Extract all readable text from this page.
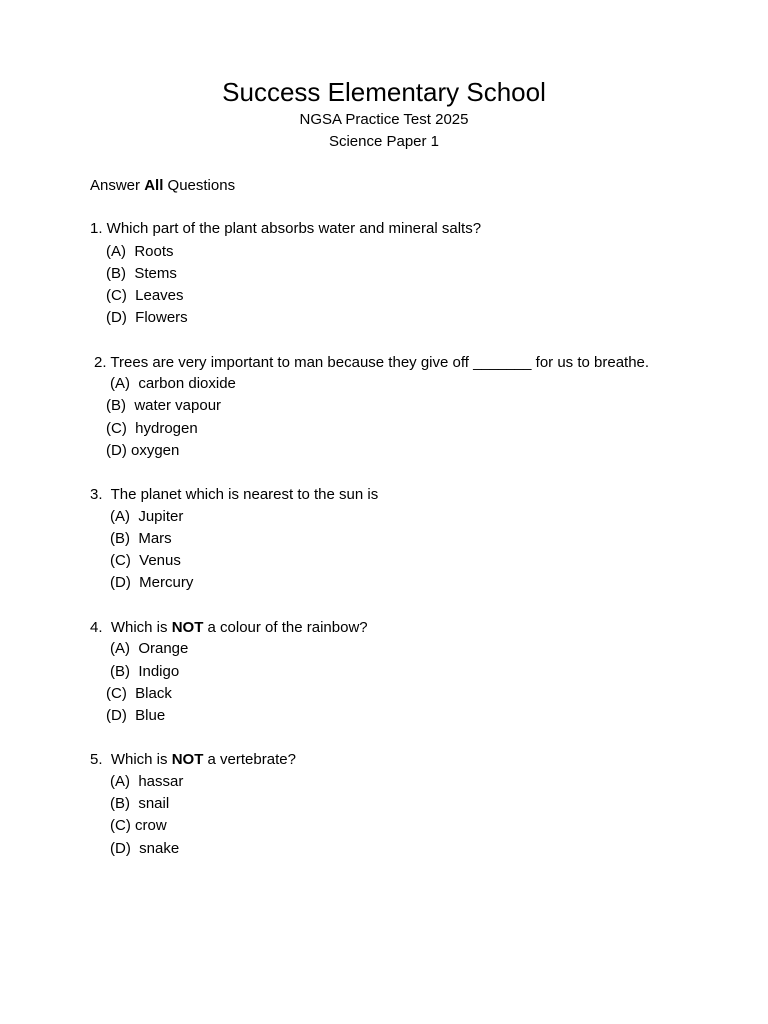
Success Elementary School
NGSA Practice Test 2025
Science Paper 1
Answer All Questions
1. Which part of the plant absorbs water and mineral salts?
(A)  Roots
(B)  Stems
(C)  Leaves
(D)  Flowers
2. Trees are very important to man because they give off _______ for us to breathe.
(A)  carbon dioxide
(B)  water vapour
(C)  hydrogen
(D) oxygen
3.  The planet which is nearest to the sun is
(A)  Jupiter
(B)  Mars
(C)  Venus
(D)  Mercury
4.  Which is NOT a colour of the rainbow?
(A)  Orange
(B)  Indigo
(C)  Black
(D)  Blue
5.  Which is NOT a vertebrate?
(A)  hassar
(B)  snail
(C) crow
(D)  snake
